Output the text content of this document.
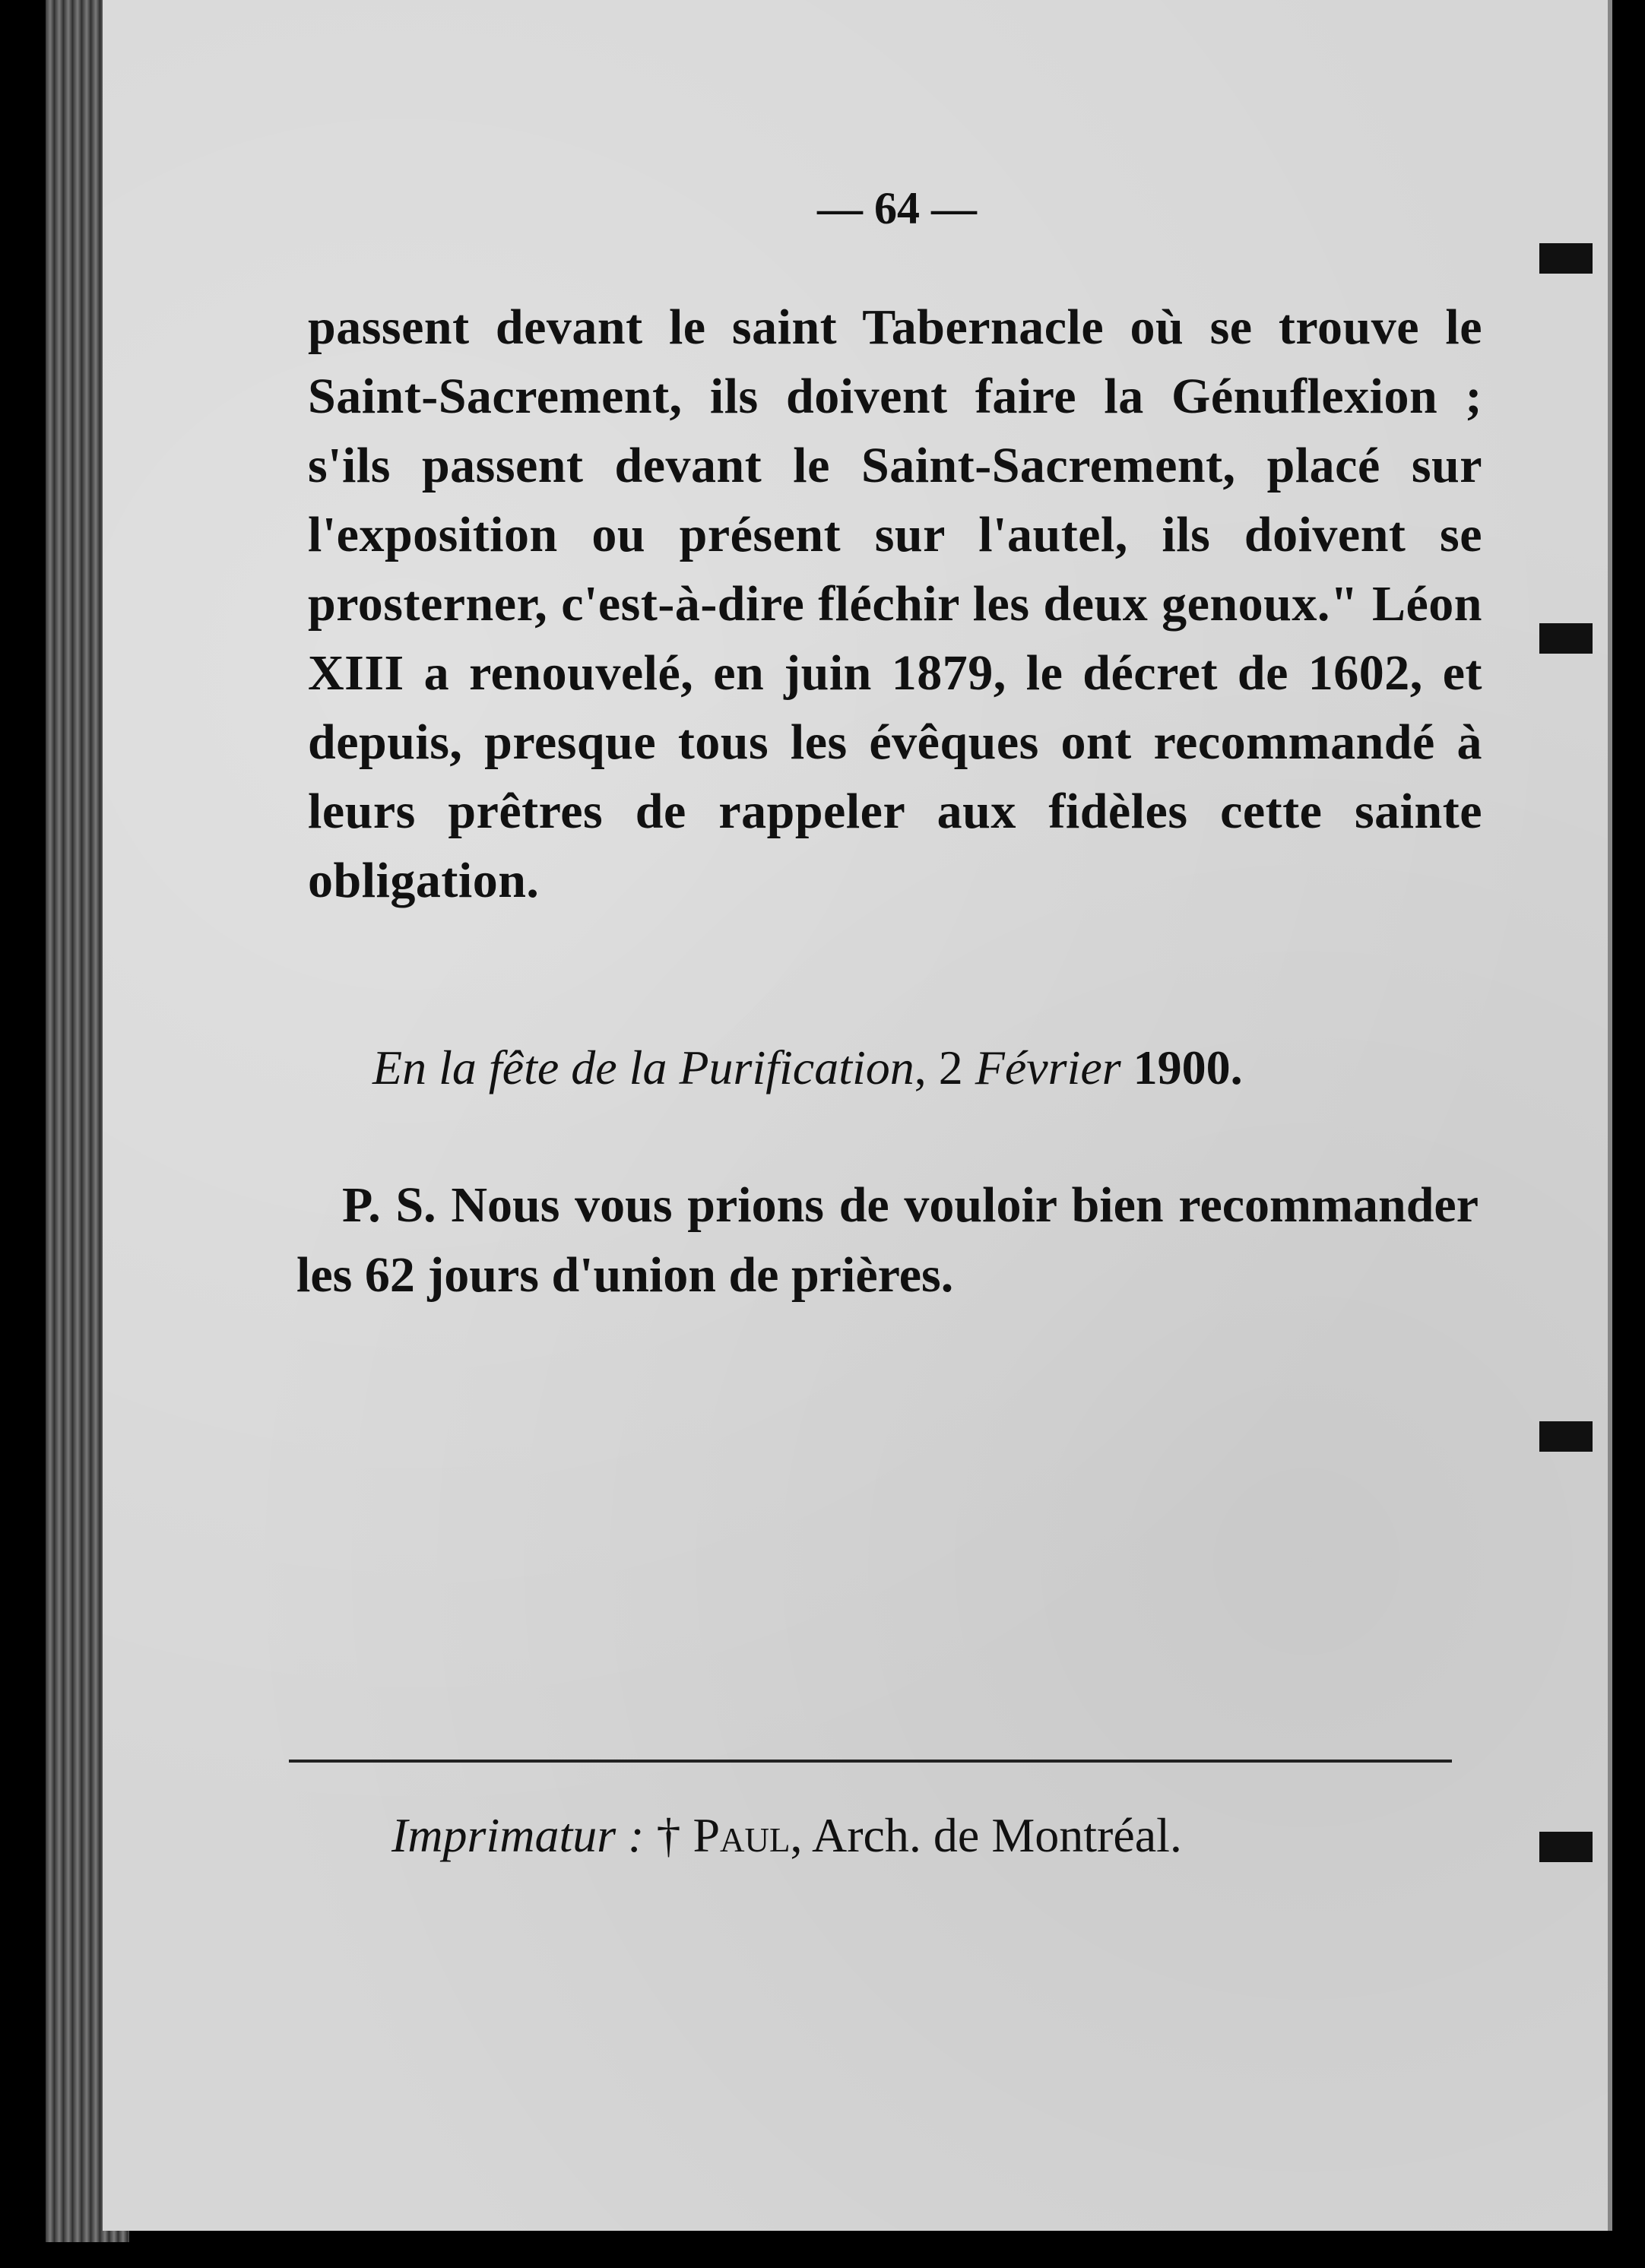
— 64 —

passent devant le saint Tabernacle où se trouve le Saint-Sacrement, ils doivent faire la Génuflexion ; s'ils passent devant le Saint-Sacrement, placé sur l'exposition ou présent sur l'autel, ils doivent se prosterner, c'est-à-dire fléchir les deux genoux." Léon XIII a renouvelé, en juin 1879, le décret de 1602, et depuis, presque tous les évêques ont recommandé à leurs prêtres de rappeler aux fidèles cette sainte obligation.

En la fête de la Purification, 2 Février 1900.

P. S. Nous vous prions de vouloir bien recommander les 62 jours d'union de prières.

Imprimatur : † Paul, Arch. de Montréal.
